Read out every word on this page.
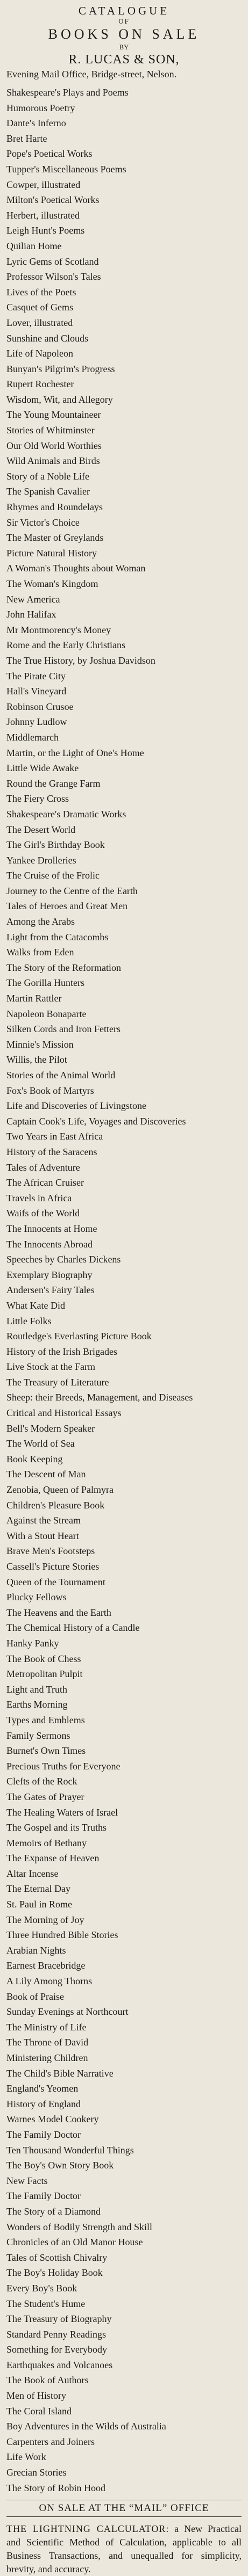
CATALOGUE
OF
BOOKS ON SALE
BY
R. LUCAS & SON,
Evening Mail Office, Bridge-street, Nelson.
Shakespeare's Plays and Poems
Humorous Poetry
Dante's Inferno
Bret Harte
Pope's Poetical Works
Tupper's Miscellaneous Poems
Cowper, illustrated
Milton's Poetical Works
Herbert, illustrated
Leigh Hunt's Poems
Quilian Home
Lyric Gems of Scotland
Professor Wilson's Tales
Lives of the Poets
Casquet of Gems
Lover, illustrated
Sunshine and Clouds
Life of Napoleon
Bunyan's Pilgrim's Progress
Rupert Rochester
Wisdom, Wit, and Allegory
The Young Mountaineer
Stories of Whitminster
Our Old World Worthies
Wild Animals and Birds
Story of a Noble Life
The Spanish Cavalier
Rhymes and Roundelays
Sir Victor's Choice
The Master of Greylands
Picture Natural History
A Woman's Thoughts about Woman
The Woman's Kingdom
New America
John Halifax
Mr Montmorency's Money
Rome and the Early Christians
The True History, by Joshua Davidson
The Pirate City
Hall's Vineyard
Robinson Crusoe
Johnny Ludlow
Middlemarch
Martin, or the Light of One's Home
Little Wide Awake
Round the Grange Farm
The Fiery Cross
Shakespeare's Dramatic Works
The Desert World
The Girl's Birthday Book
Yankee Drolleries
The Cruise of the Frolic
Journey to the Centre of the Earth
Tales of Heroes and Great Men
Among the Arabs
Light from the Catacombs
Walks from Eden
The Story of the Reformation
The Gorilla Hunters
Martin Rattler
Napoleon Bonaparte
Silken Cords and Iron Fetters
Minnie's Mission
Willis, the Pilot
Stories of the Animal World
Fox's Book of Martyrs
Life and Discoveries of Livingstone
Captain Cook's Life, Voyages and Discoveries
Two Years in East Africa
History of the Saracens
Tales of Adventure
The African Cruiser
Travels in Africa
Waifs of the World
The Innocents at Home
The Innocents Abroad
Speeches by Charles Dickens
Exemplary Biography
Andersen's Fairy Tales
What Kate Did
Little Folks
Routledge's Everlasting Picture Book
History of the Irish Brigades
Live Stock at the Farm
The Treasury of Literature
Sheep: their Breeds, Management, and Diseases
Critical and Historical Essays
Bell's Modern Speaker
The World of Sea
Book Keeping
The Descent of Man
Zenobia, Queen of Palmyra
Children's Pleasure Book
Against the Stream
With a Stout Heart
Brave Men's Footsteps
Cassell's Picture Stories
Queen of the Tournament
Plucky Fellows
The Heavens and the Earth
The Chemical History of a Candle
Hanky Panky
The Book of Chess
Metropolitan Pulpit
Light and Truth
Earths Morning
Types and Emblems
Family Sermons
Burnet's Own Times
Precious Truths for Everyone
Clefts of the Rock
The Gates of Prayer
The Healing Waters of Israel
The Gospel and its Truths
Memoirs of Bethany
The Expanse of Heaven
Altar Incense
The Eternal Day
St. Paul in Rome
The Morning of Joy
Three Hundred Bible Stories
Arabian Nights
Earnest Bracebridge
A Lily Among Thorns
Book of Praise
Sunday Evenings at Northcourt
The Ministry of Life
The Throne of David
Ministering Children
The Child's Bible Narrative
England's Yeomen
History of England
Warnes Model Cookery
The Family Doctor
Ten Thousand Wonderful Things
The Boy's Own Story Book
New Facts
The Family Doctor
The Story of a Diamond
Wonders of Bodily Strength and Skill
Chronicles of an Old Manor House
Tales of Scottish Chivalry
The Boy's Holiday Book
Every Boy's Book
The Student's Hume
The Treasury of Biography
Standard Penny Readings
Something for Everybody
Earthquakes and Volcanoes
The Book of Authors
Men of History
The Coral Island
Boy Adventures in the Wilds of Australia
Carpenters and Joiners
Life Work
Grecian Stories
The Story of Robin Hood
ON SALE AT THE “MAIL” OFFICE

THE LIGHTNING CALCULATOR: a New Practical and Scientific Method of Calculation, applicable to all Business Transactions, and unequalled for simplicity, brevity, and accuracy.
